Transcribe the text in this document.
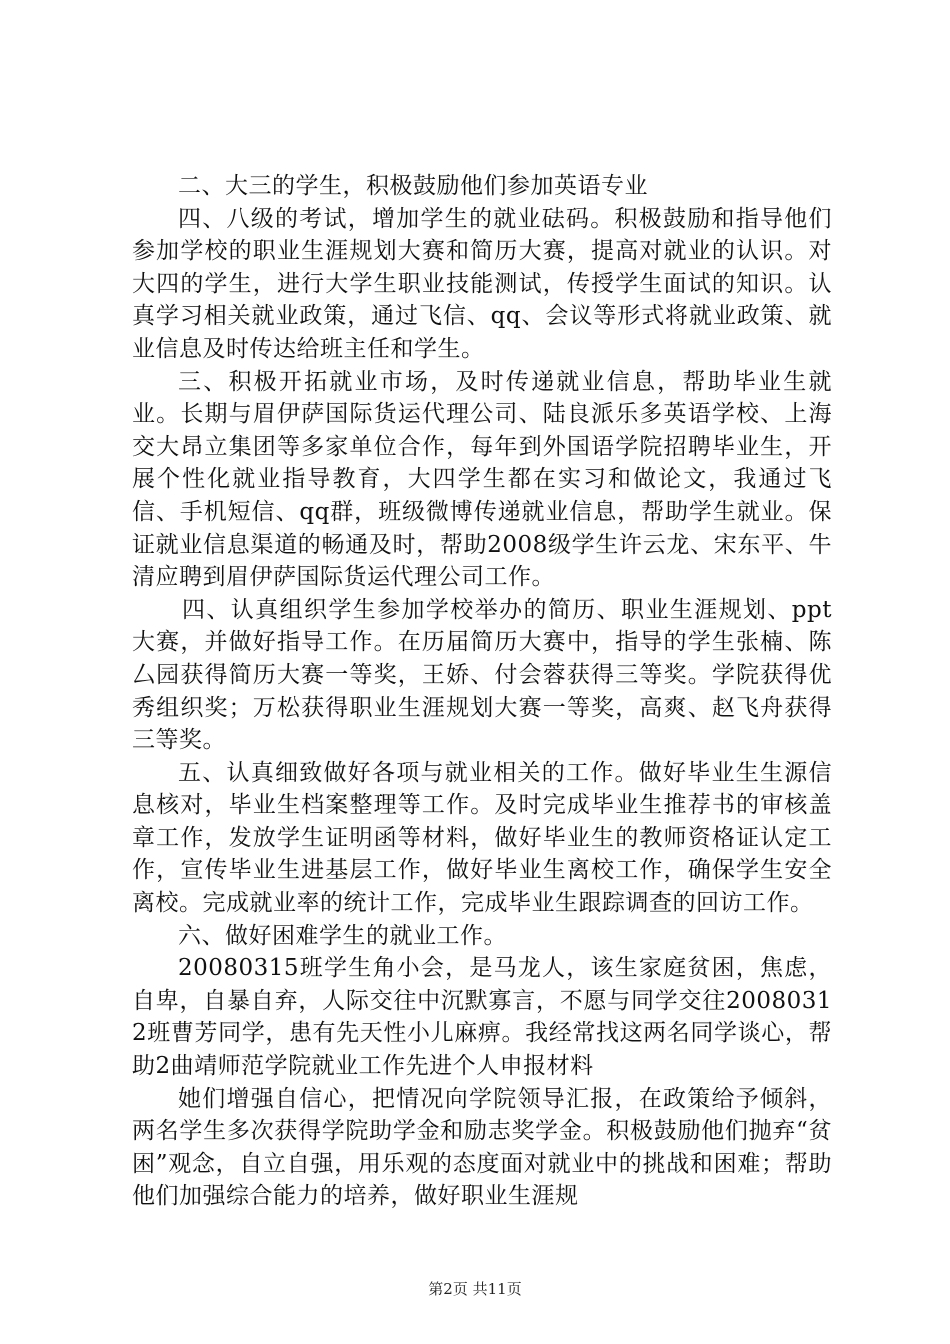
二、大三的学生，积极鼓励他们参加英语专业

四、八级的考试，增加学生的就业砝码。积极鼓励和指导他们参加学校的职业生涯规划大赛和简历大赛，提高对就业的认识。对大四的学生，进行大学生职业技能测试，传授学生面试的知识。认真学习相关就业政策，通过飞信、qq、会议等形式将就业政策、就业信息及时传达给班主任和学生。

三、积极开拓就业市场，及时传递就业信息，帮助毕业生就业。长期与眉伊萨国际货运代理公司、陆良派乐多英语学校、上海交大昂立集团等多家单位合作，每年到外国语学院招聘毕业生，开展个性化就业指导教育，大四学生都在实习和做论文，我通过飞信、手机短信、qq群，班级微博传递就业信息，帮助学生就业。保证就业信息渠道的畅通及时，帮助2008级学生许云龙、宋东平、牛清应聘到眉伊萨国际货运代理公司工作。

四、认真组织学生参加学校举办的简历、职业生涯规划、ppt大赛，并做好指导工作。在历届简历大赛中，指导的学生张楠、陈厶园获得简历大赛一等奖，王娇、付会蓉获得三等奖。学院获得优秀组织奖；万松获得职业生涯规划大赛一等奖，高爽、赵飞舟获得三等奖。

五、认真细致做好各项与就业相关的工作。做好毕业生生源信息核对，毕业生档案整理等工作。及时完成毕业生推荐书的审核盖章工作，发放学生证明函等材料，做好毕业生的教师资格证认定工作，宣传毕业生进基层工作，做好毕业生离校工作，确保学生安全离校。完成就业率的统计工作，完成毕业生跟踪调查的回访工作。

六、做好困难学生的就业工作。

20080315班学生角小会，是马龙人，该生家庭贫困，焦虑，自卑，自暴自弃，人际交往中沉默寡言，不愿与同学交往20080312班曹芳同学，患有先天性小儿麻痹。我经常找这两名同学谈心，帮助2曲靖师范学院就业工作先进个人申报材料

她们增强自信心，把情况向学院领导汇报，在政策给予倾斜，两名学生多次获得学院助学金和励志奖学金。积极鼓励他们抛弃“贫困”观念，自立自强，用乐观的态度面对就业中的挑战和困难；帮助他们加强综合能力的培养，做好职业生涯规

第2页 共11页
